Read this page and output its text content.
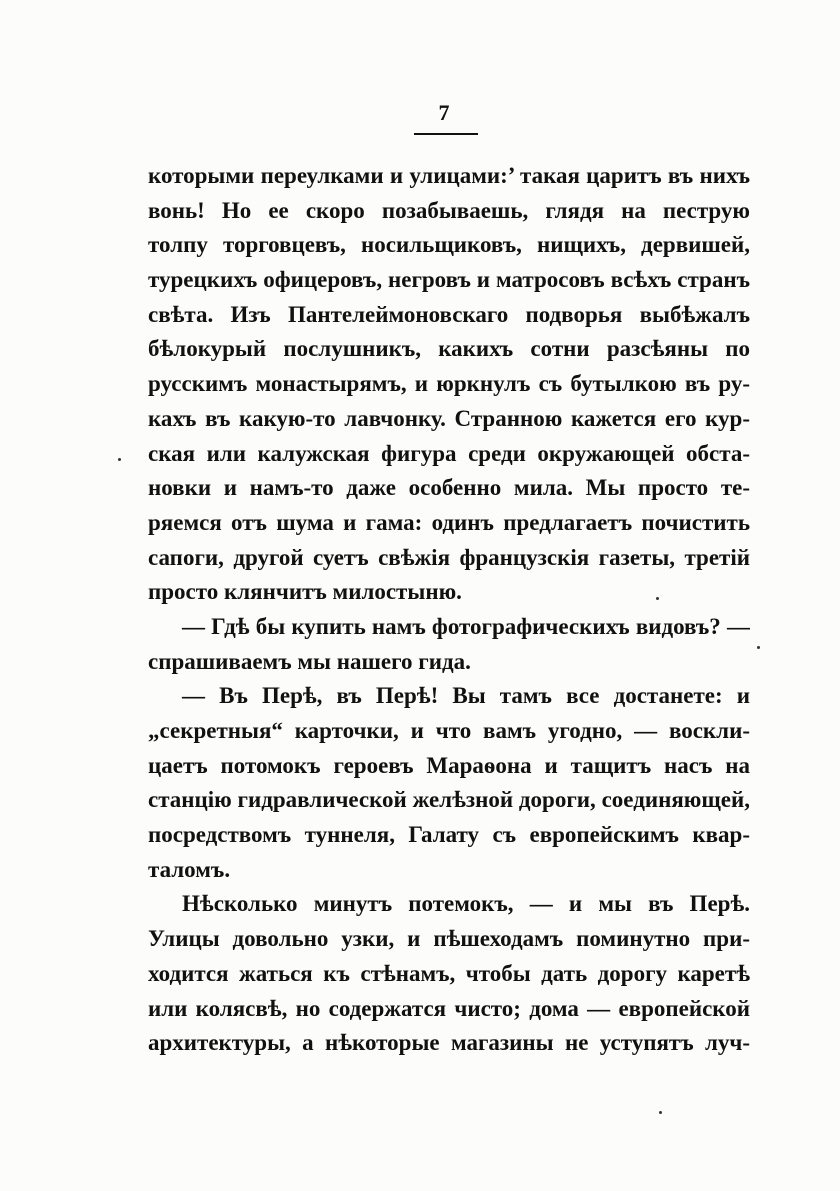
7
которыми переулками и улицами:’ такая царитъ въ нихъ
вонь! Но ее скоро позабываешь, глядя на пеструю
толпу торговцевъ, носильщиковъ, нищихъ, дервишей,
турецкихъ офицеровъ, негровъ и матросовъ всѣхъ странъ
свѣта. Изъ Пантелеймоновскаго подворья выбѣжалъ
бѣлокурый послушникъ, какихъ сотни разсѣяны по
русскимъ монастырямъ, и юркнулъ съ бутылкою въ ру-
кахъ въ какую-то лавчонку. Странною кажется его кур-
ская или калужская фигура среди окружающей обста-
новки и намъ-то даже особенно мила. Мы просто те-
ряемся отъ шума и гама: одинъ предлагаетъ почистить
сапоги, другой суетъ свѣжія французскія газеты, третій
просто клянчитъ милостыню.
— Гдѣ бы купить намъ фотографическихъ видовъ? —
спрашиваемъ мы нашего гида.
— Въ Перѣ, въ Перѣ! Вы тамъ все достанете: и
„секретныя“ карточки, и что вамъ угодно, — воскли-
цаетъ потомокъ героевъ Мараѳона и тащитъ насъ на
станцію гидравлической желѣзной дороги, соединяющей,
посредствомъ туннеля, Галату съ европейскимъ квар-
таломъ.
Нѣсколько минутъ потемокъ, — и мы въ Перѣ.
Улицы довольно узки, и пѣшеходамъ поминутно при-
ходится жаться къ стѣнамъ, чтобы дать дорогу каретѣ
или колясвѣ, но содержатся чисто; дома — европейской
архитектуры, а нѣкоторые магазины не уступятъ луч-
